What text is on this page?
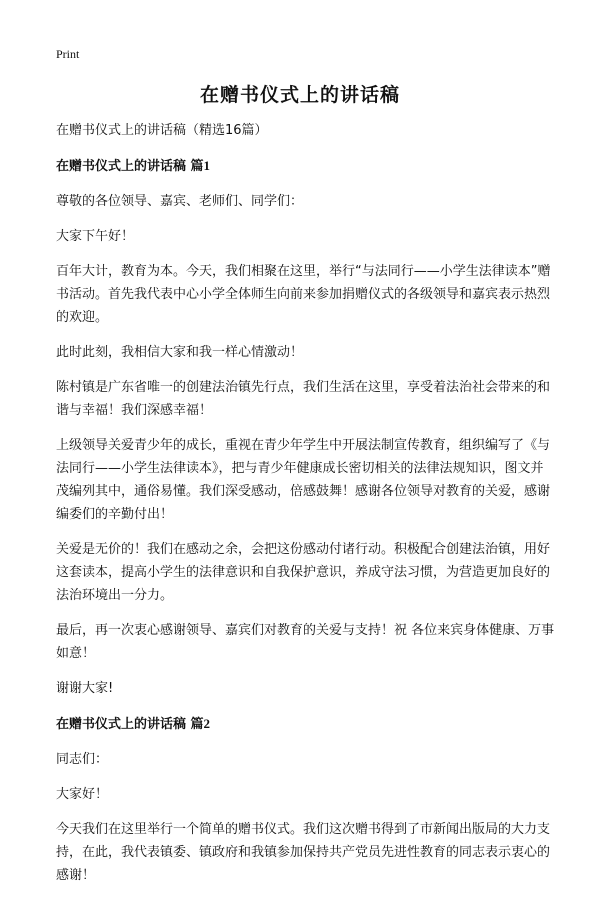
Print
在赠书仪式上的讲话稿

在赠书仪式上的讲话稿（精选16篇）

在赠书仪式上的讲话稿 篇1

尊敬的各位领导、嘉宾、老师们、同学们：

大家下午好！

百年大计，教育为本。今天，我们相聚在这里，举行“与法同行——小学生法律读本”赠书活动。首先我代表中心小学全体师生向前来参加捐赠仪式的各级领导和嘉宾表示热烈的欢迎。

此时此刻，我相信大家和我一样心情激动！

陈村镇是广东省唯一的创建法治镇先行点，我们生活在这里，享受着法治社会带来的和谐与幸福！我们深感幸福！

上级领导关爱青少年的成长，重视在青少年学生中开展法制宣传教育，组织编写了《与法同行——小学生法律读本》，把与青少年健康成长密切相关的法律法规知识，图文并茂编列其中，通俗易懂。我们深受感动，倍感鼓舞！感谢各位领导对教育的关爱，感谢编委们的辛勤付出！

关爱是无价的！我们在感动之余，会把这份感动付诸行动。积极配合创建法治镇，用好这套读本，提高小学生的法律意识和自我保护意识，养成守法习惯，为营造更加良好的法治环境出一分力。

最后，再一次衷心感谢领导、嘉宾们对教育的关爱与支持！祝 各位来宾身体健康、万事如意！

谢谢大家!

在赠书仪式上的讲话稿 篇2

同志们：

大家好！

今天我们在这里举行一个简单的赠书仪式。我们这次赠书得到了市新闻出版局的大力支持，在此，我代表镇委、镇政府和我镇参加保持共产党员先进性教育的同志表示衷心的感谢！
